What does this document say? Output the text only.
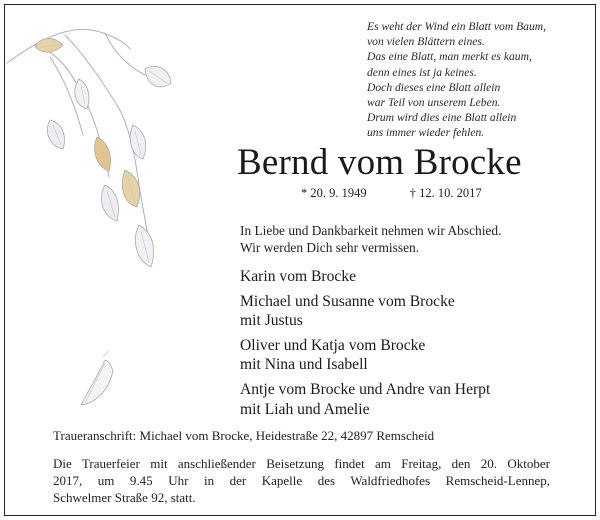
Es weht der Wind ein Blatt vom Baum,
von vielen Blättern eines.
Das eine Blatt, man merkt es kaum,
denn eines ist ja keines.
Doch dieses eine Blatt allein
war Teil von unserem Leben.
Drum wird dies eine Blatt allein
uns immer wieder fehlen.
Bernd vom Brocke
* 20. 9. 1949	† 12. 10. 2017
In Liebe und Dankbarkeit nehmen wir Abschied.
Wir werden Dich sehr vermissen.
Karin vom Brocke
Michael und Susanne vom Brocke
mit Justus
Oliver und Katja vom Brocke
mit Nina und Isabell
Antje vom Brocke und Andre van Herpt
mit Liah und Amelie
Traueranschrift: Michael vom Brocke, Heidestraße 22, 42897 Remscheid
Die Trauerfeier mit anschließender Beisetzung findet am Freitag, den 20. Oktober
2017, um 9.45 Uhr in der Kapelle des Waldfriedhofes Remscheid-Lennep,
Schwelmer Straße 92, statt.
